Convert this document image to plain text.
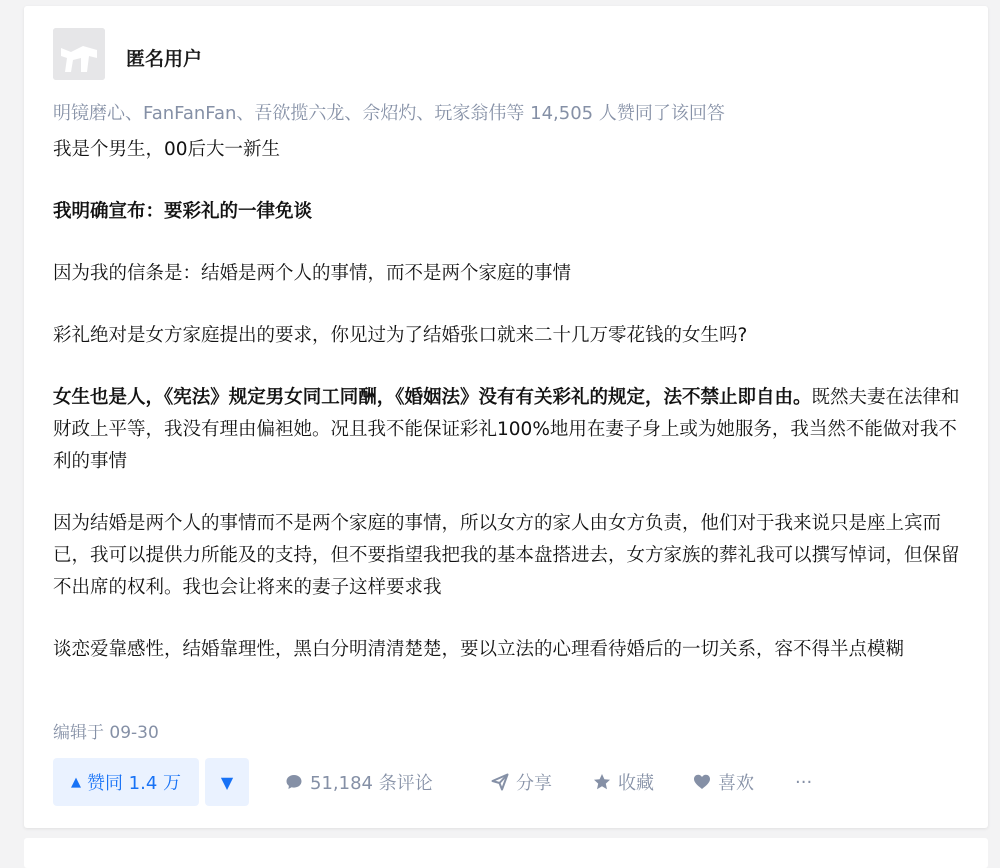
匿名用户
明镜磨心、FanFanFan、吾欲揽六龙、佘炤灼、玩家翁伟等 14,505 人赞同了该回答

我是个男生，00后大一新生

我明确宣布：要彩礼的一律免谈

因为我的信条是：结婚是两个人的事情，而不是两个家庭的事情

彩礼绝对是女方家庭提出的要求，你见过为了结婚张口就来二十几万零花钱的女生吗?

女生也是人，《宪法》规定男女同工同酬，《婚姻法》没有有关彩礼的规定，法不禁止即自由。既然夫妻在法律和财政上平等，我没有理由偏袒她。况且我不能保证彩礼100%地用在妻子身上或为她服务，我当然不能做对我不利的事情

因为结婚是两个人的事情而不是两个家庭的事情，所以女方的家人由女方负责，他们对于我来说只是座上宾而已，我可以提供力所能及的支持，但不要指望我把我的基本盘搭进去，女方家族的葬礼我可以撰写悼词，但保留不出席的权利。我也会让将来的妻子这样要求我

谈恋爱靠感性，结婚靠理性，黑白分明清清楚楚，要以立法的心理看待婚后的一切关系，容不得半点模糊

编辑于 09-30
▲ 赞同 1.4 万 ▼	51,184 条评论	分享	收藏	喜欢 ···
